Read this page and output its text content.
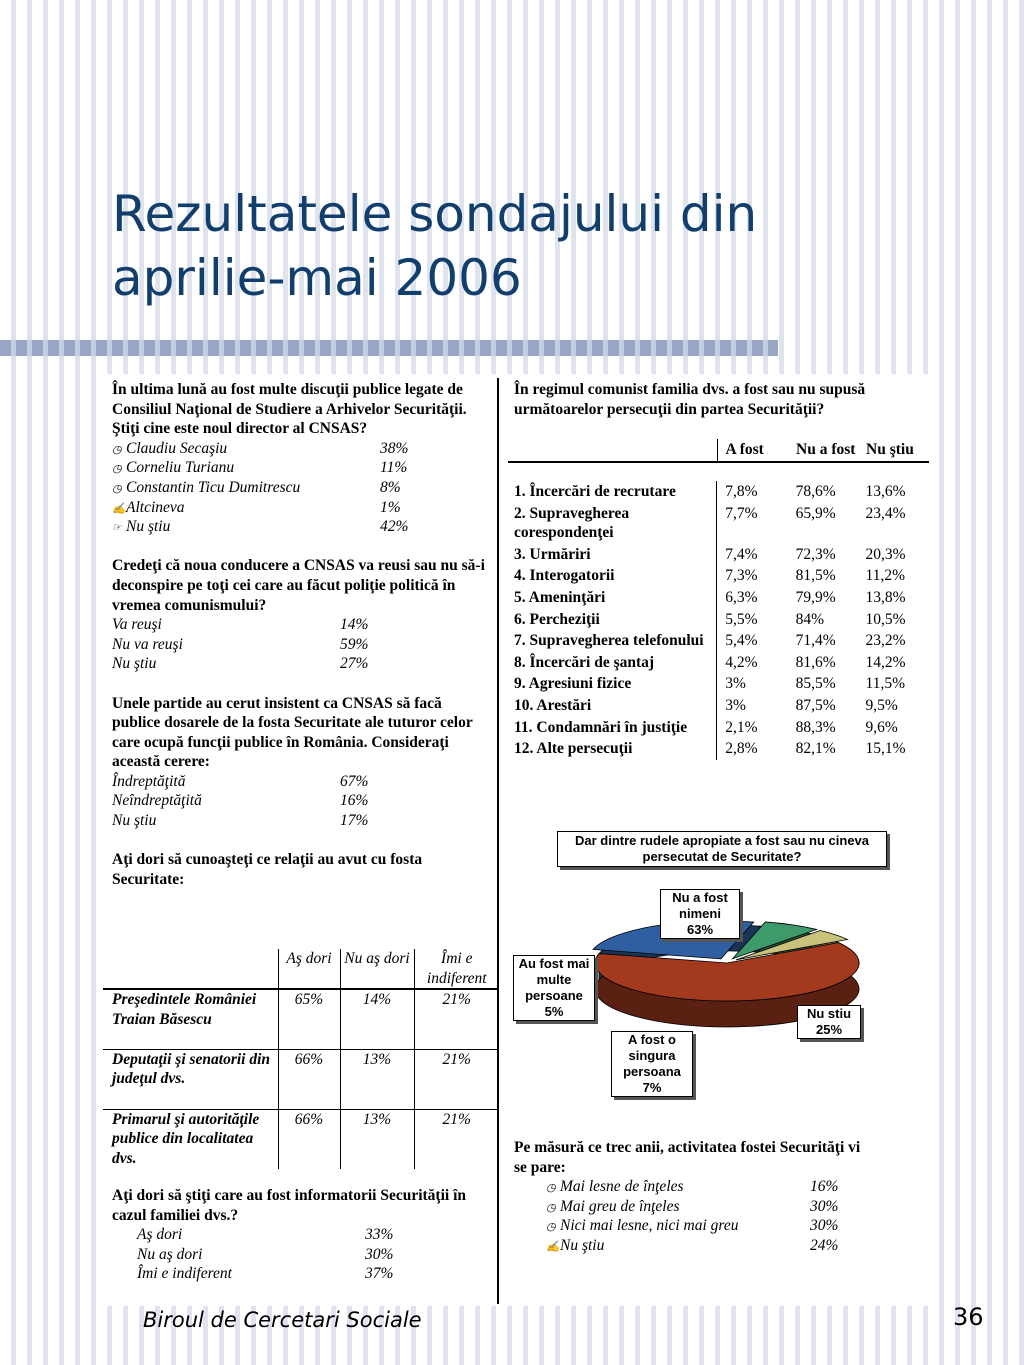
Rezultatele sondajului din
aprilie-mai 2006
În ultima lună au fost multe discuţii publice legate de Consiliul Naţional de Studiere a Arhivelor Securităţii. Ştiţi cine este noul director al CNSAS?
◷ Claudiu Secaşiu	38%
◷ Corneliu Turianu	11%
◷ Constantin Ticu Dumitrescu	8%
✍Altcineva	1%
☞ Nu ştiu	42%
Credeţi că noua conducere a CNSAS va reusi sau nu să-i deconspire pe toţi cei care au făcut poliţie politică în vremea comunismului?
Va reuşi	14%
Nu va reuşi	59%
Nu ştiu	27%
Unele partide au cerut insistent ca CNSAS să facă publice dosarele de la fosta Securitate ale tuturor celor care ocupă funcţii publice în România. Consideraţi această cerere:
Îndreptăţită	67%
Neîndreptăţită	16%
Nu ştiu	17%
Aţi dori să cunoaşteţi ce relaţii au avut cu fosta Securitate:
	Aş dori	Nu aş dori	Îmi e indiferent
Preşedintele României Traian Băsescu	65%	14%	21%
Deputaţii şi senatorii din judeţul dvs.	66%	13%	21%
Primarul şi autorităţile publice din localitatea dvs.	66%	13%	21%
Aţi dori să ştiţi care au fost informatorii Securităţii în cazul familiei dvs.?
Aş dori	33%
Nu aş dori	30%
Îmi e indiferent	37%
În regimul comunist familia dvs. a fost sau nu supusă următoarelor persecuţii din partea Securităţii?
	A fost	Nu a fost	Nu ştiu
1. Încercări de recrutare	7,8%	78,6%	13,6%
2. Supravegherea corespondenţei	7,7%	65,9%	23,4%
3. Urmăriri	7,4%	72,3%	20,3%
4. Interogatorii	7,3%	81,5%	11,2%
5. Ameninţări	6,3%	79,9%	13,8%
6. Percheziţii	5,5%	84%	10,5%
7. Supravegherea telefonului	5,4%	71,4%	23,2%
8. Încercări de şantaj	4,2%	81,6%	14,2%
9. Agresiuni fizice	3%	85,5%	11,5%
10. Arestări	3%	87,5%	9,5%
11. Condamnări în justiţie	2,1%	88,3%	9,6%
12. Alte persecuţii	2,8%	82,1%	15,1%
Dar dintre rudele apropiate a fost sau nu cineva persecutat de Securitate?
Nu a fost nimeni
63%
Nu stiu
25%
A fost o singura persoana
7%
Au fost mai multe persoane
5%
Pe măsură ce trec anii, activitatea fostei Securităţi vi se pare:
◷ Mai lesne de înţeles	16%
◷ Mai greu de înţeles	30%
◷ Nici mai lesne, nici mai greu	30%
✍Nu ştiu	24%
Biroul de Cercetari Sociale	36
